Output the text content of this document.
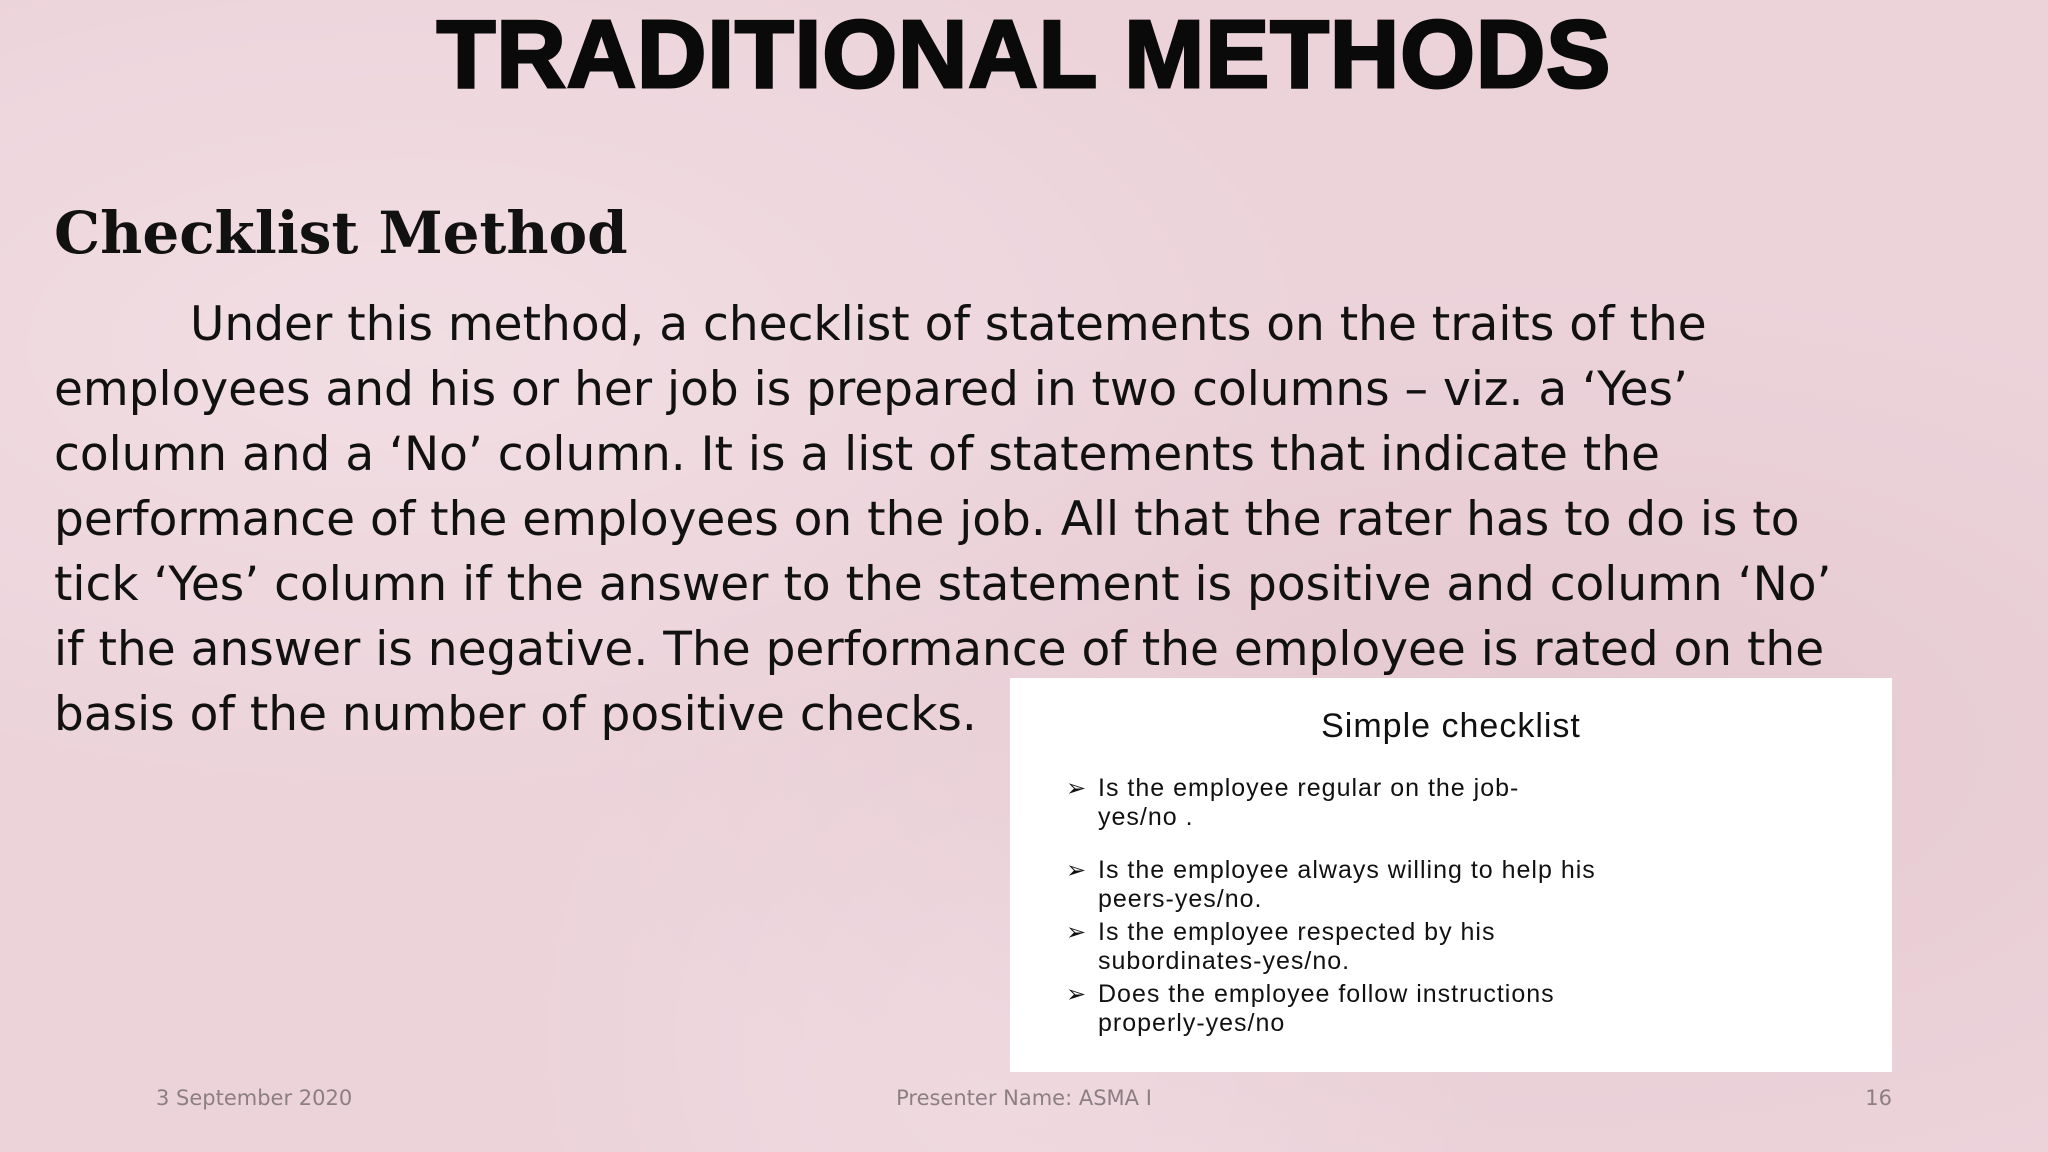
TRADITIONAL METHODS
Checklist Method

Under this method, a checklist of statements on the traits of the
employees and his or her job is prepared in two columns – viz. a ‘Yes’
column and a ‘No’ column. It is a list of statements that indicate the
performance of the employees on the job. All that the rater has to do is to
tick ‘Yes’ column if the answer to the statement is positive and column ‘No’
if the answer is negative. The performance of the employee is rated on the
basis of the number of positive checks.	Simple checklist
➢ Is the employee regular on the job-
yes/no .
➢ Is the employee always willing to help his
peers-yes/no.
➢ Is the employee respected by his
subordinates-yes/no.
➢ Does the employee follow instructions
properly-yes/no
3 September 2020	Presenter Name: ASMA I	16
